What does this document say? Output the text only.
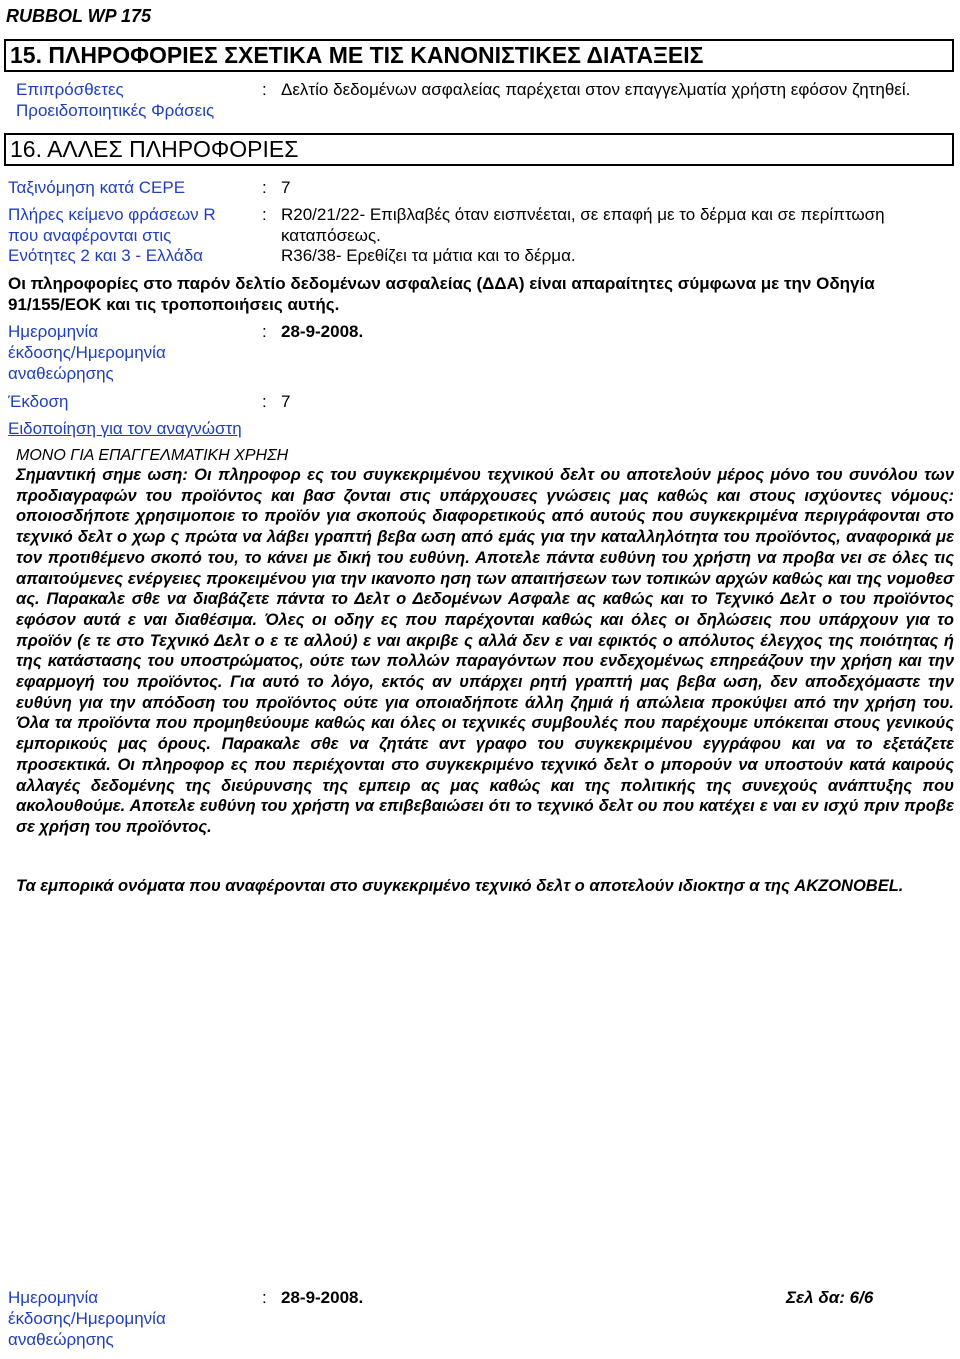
RUBBOL WP 175
15. ΠΛΗΡΟΦΟΡΙΕΣ ΣΧΕΤΙΚΑ ΜΕ ΤΙΣ ΚΑΝΟΝΙΣΤΙΚΕΣ ΔΙΑΤΑΞΕΙΣ
Επιπρόσθετες
Προειδοποιητικές Φράσεις
: Δελτίο δεδομένων ασφαλείας παρέχεται στον επαγγελματία χρήστη εφόσον ζητηθεί.
16. ΑΛΛΕΣ ΠΛΗΡΟΦΟΡΙΕΣ
Ταξινόμηση κατά CEPE	: 7
Πλήρες κείμενο φράσεων R
που αναφέρονται στις
Ενότητες 2 και 3 - Ελλάδα
: R20/21/22- Επιβλαβές όταν εισπνέεται, σε επαφή με το δέρμα και σε περίπτωση
καταπόσεως.
R36/38- Ερεθίζει τα μάτια και το δέρμα.
Οι πληροφορίες στο παρόν δελτίο δεδομένων ασφαλείας (ΔΔΑ) είναι απαραίτητες σύμφωνα με την Οδηγία
91/155/ΕΟΚ και τις τροποποιήσεις αυτής.
Ημερομηνία
έκδοσης/Ημερομηνία
αναθεώρησης
: 28-9-2008.
Έκδοση	: 7
Ειδοποίηση για τον αναγνώστη
ΜΟΝΟ ΓΙΑ ΕΠΑΓΓΕΛΜΑΤΙΚΗ ΧΡΗΣΗ
Σημαντική σημε ωση: Οι πληροφορ ες του συγκεκριμένου τεχνικού δελτ ου αποτελούν μέρος μόνο του συνόλου των προδιαγραφών του προϊόντος και βασ ζονται στις υπάρχουσες γνώσεις μας καθώς και στους ισχύοντες νόμους: οποιοσδήποτε χρησιμοποιε το προϊόν για σκοπούς διαφορετικούς από αυτούς που συγκεκριμένα περιγράφονται στο τεχνικό δελτ ο χωρ ς πρώτα να λάβει γραπτή βεβα ωση από εμάς για την καταλληλότητα του προϊόντος, αναφορικά με τον προτιθέμενο σκοπό του, το κάνει με δική του ευθύνη. Αποτελε πάντα ευθύνη του χρήστη να προβα νει σε όλες τις απαιτούμενες ενέργειες προκειμένου για την ικανοπο ηση των απαιτήσεων των τοπικών αρχών καθώς και της νομοθεσ ας. Παρακαλε σθε να διαβάζετε πάντα το Δελτ ο Δεδομένων Ασφαλε ας καθώς και το Τεχνικό Δελτ ο του προϊόντος εφόσον αυτά ε ναι διαθέσιμα. Όλες οι οδηγ ες που παρέχονται καθώς και όλες οι δηλώσεις που υπάρχουν για το προϊόν (ε τε στο Τεχνικό Δελτ ο ε τε αλλού) ε ναι ακριβε ς αλλά δεν ε ναι εφικτός ο απόλυτος έλεγχος της ποιότητας ή της κατάστασης του υποστρώματος, ούτε των πολλών παραγόντων που ενδεχομένως επηρεάζουν την χρήση και την εφαρμογή του προϊόντος. Για αυτό το λόγο, εκτός αν υπάρχει ρητή γραπτή μας βεβα ωση, δεν αποδεχόμαστε την ευθύνη για την απόδοση του προϊόντος ούτε για οποιαδήποτε άλλη ζημιά ή απώλεια προκύψει από την χρήση του. Όλα τα προϊόντα που προμηθεύουμε καθώς και όλες οι τεχνικές συμβουλές που παρέχουμε υπόκειται στους γενικούς εμπορικούς μας όρους. Παρακαλε σθε να ζητάτε αντ γραφο του συγκεκριμένου εγγράφου και να το εξετάζετε προσεκτικά. Οι πληροφορ ες που περιέχονται στο συγκεκριμένο τεχνικό δελτ ο μπορούν να υποστούν κατά καιρούς αλλαγές δεδομένης της διεύρυνσης της εμπειρ ας μας καθώς και της πολιτικής της συνεχούς ανάπτυξης που ακολουθούμε. Αποτελε ευθύνη του χρήστη να επιβεβαιώσει ότι το τεχνικό δελτ ου που κατέχει ε ναι εν ισχύ πριν προβε σε χρήση του προϊόντος.
Τα εμπορικά ονόματα που αναφέρονται στο συγκεκριμένο τεχνικό δελτ ο αποτελούν ιδιοκτησ α της AKZONOBEL.
Ημερομηνία
έκδοσης/Ημερομηνία
αναθεώρησης
: 28-9-2008.	Σελ δα: 6/6
